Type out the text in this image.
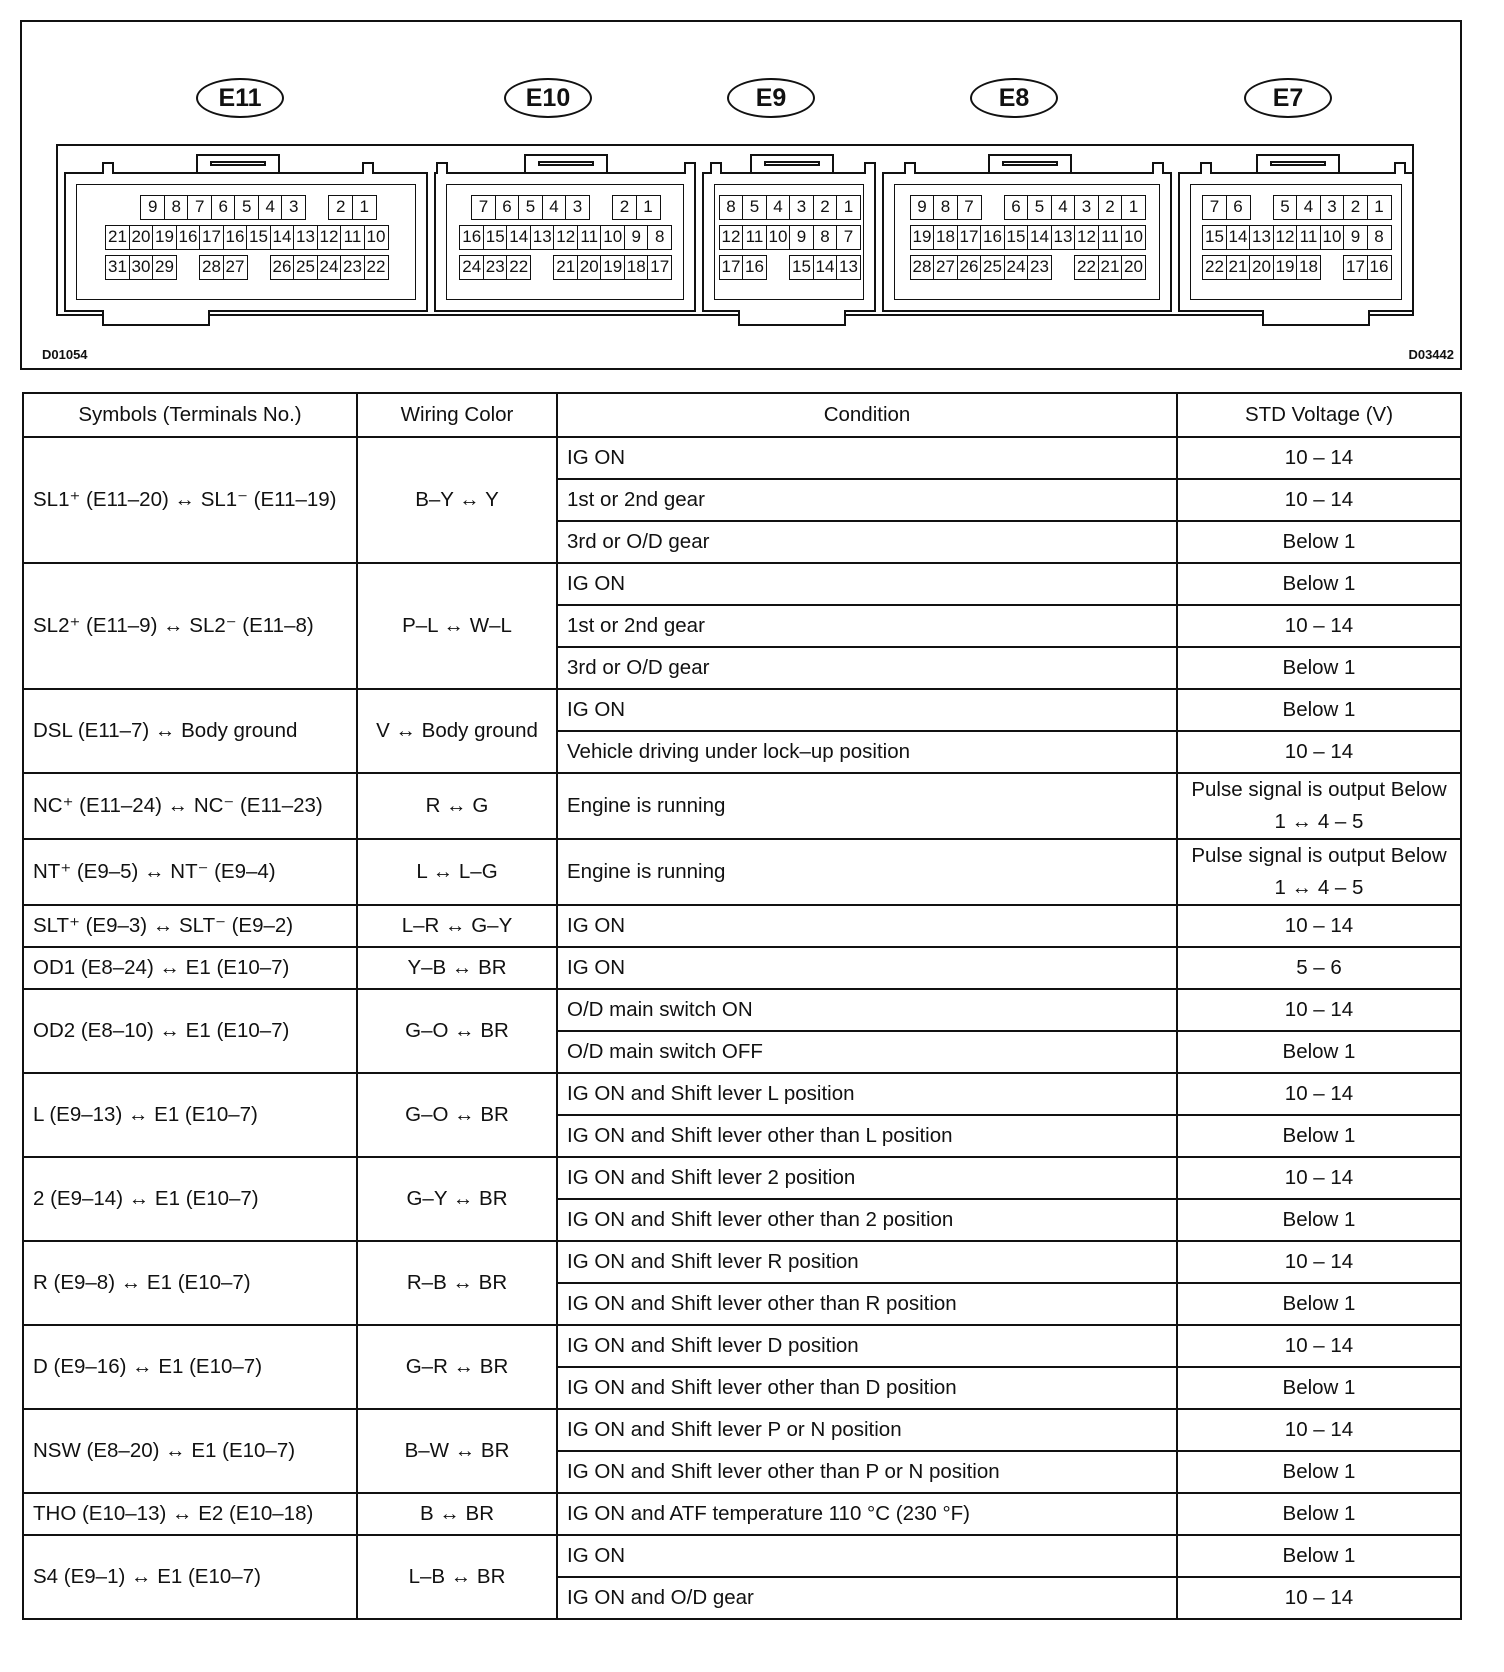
E11	E10	E9	E8	E7
9 8 7 6 5 4 3	2 1
21 20 19 16 17 16 15 14 13 12 11 10
31 30 29 28 27 26 25 24 23 22
7 6 5 4 3	2 1
16 15 14 13 12 11 10 9 8
24 23 22 21 20 19 18 17
8 5 4 3 2 1
12 11 10 9 8 7
17 16 15 14 13
9 8 7	6 5 4 3 2 1
19 18 17 16 15 14 13 12 11 10
28 27 26 25 24 23 22 21 20
7 6	5 4 3 2 1
15 14 13 12 11 10 9 8
22 21 20 19 18 17 16
D01054	D03442
Symbols (Terminals No.)	Wiring Color	Condition	STD Voltage (V)
SL1⁺ (E11–20) ↔ SL1⁻ (E11–19)	B–Y ↔ Y	IG ON	10 – 14
		1st or 2nd gear	10 – 14
		3rd or O/D gear	Below 1
SL2⁺ (E11–9) ↔ SL2⁻ (E11–8)	P–L ↔ W–L	IG ON	Below 1
		1st or 2nd gear	10 – 14
		3rd or O/D gear	Below 1
DSL (E11–7) ↔ Body ground	V ↔ Body ground	IG ON	Below 1
		Vehicle driving under lock–up position	10 – 14
NC⁺ (E11–24) ↔ NC⁻ (E11–23)	R ↔ G	Engine is running	Pulse signal is output Below 1 ↔ 4 – 5
NT⁺ (E9–5) ↔ NT⁻ (E9–4)	L ↔ L–G	Engine is running	Pulse signal is output Below 1 ↔ 4 – 5
SLT⁺ (E9–3) ↔ SLT⁻ (E9–2)	L–R ↔ G–Y	IG ON	10 – 14
OD1 (E8–24) ↔ E1 (E10–7)	Y–B ↔ BR	IG ON	5 – 6
OD2 (E8–10) ↔ E1 (E10–7)	G–O ↔ BR	O/D main switch ON	10 – 14
		O/D main switch OFF	Below 1
L (E9–13) ↔ E1 (E10–7)	G–O ↔ BR	IG ON and Shift lever L position	10 – 14
		IG ON and Shift lever other than L position	Below 1
2 (E9–14) ↔ E1 (E10–7)	G–Y ↔ BR	IG ON and Shift lever 2 position	10 – 14
		IG ON and Shift lever other than 2 position	Below 1
R (E9–8) ↔ E1 (E10–7)	R–B ↔ BR	IG ON and Shift lever R position	10 – 14
		IG ON and Shift lever other than R position	Below 1
D (E9–16) ↔ E1 (E10–7)	G–R ↔ BR	IG ON and Shift lever D position	10 – 14
		IG ON and Shift lever other than D position	Below 1
NSW (E8–20) ↔ E1 (E10–7)	B–W ↔ BR	IG ON and Shift lever P or N position	10 – 14
		IG ON and Shift lever other than P or N position	Below 1
THO (E10–13) ↔ E2 (E10–18)	B ↔ BR	IG ON and ATF temperature 110 °C (230 °F)	Below 1
S4 (E9–1) ↔ E1 (E10–7)	L–B ↔ BR	IG ON	Below 1
		IG ON and O/D gear	10 – 14
